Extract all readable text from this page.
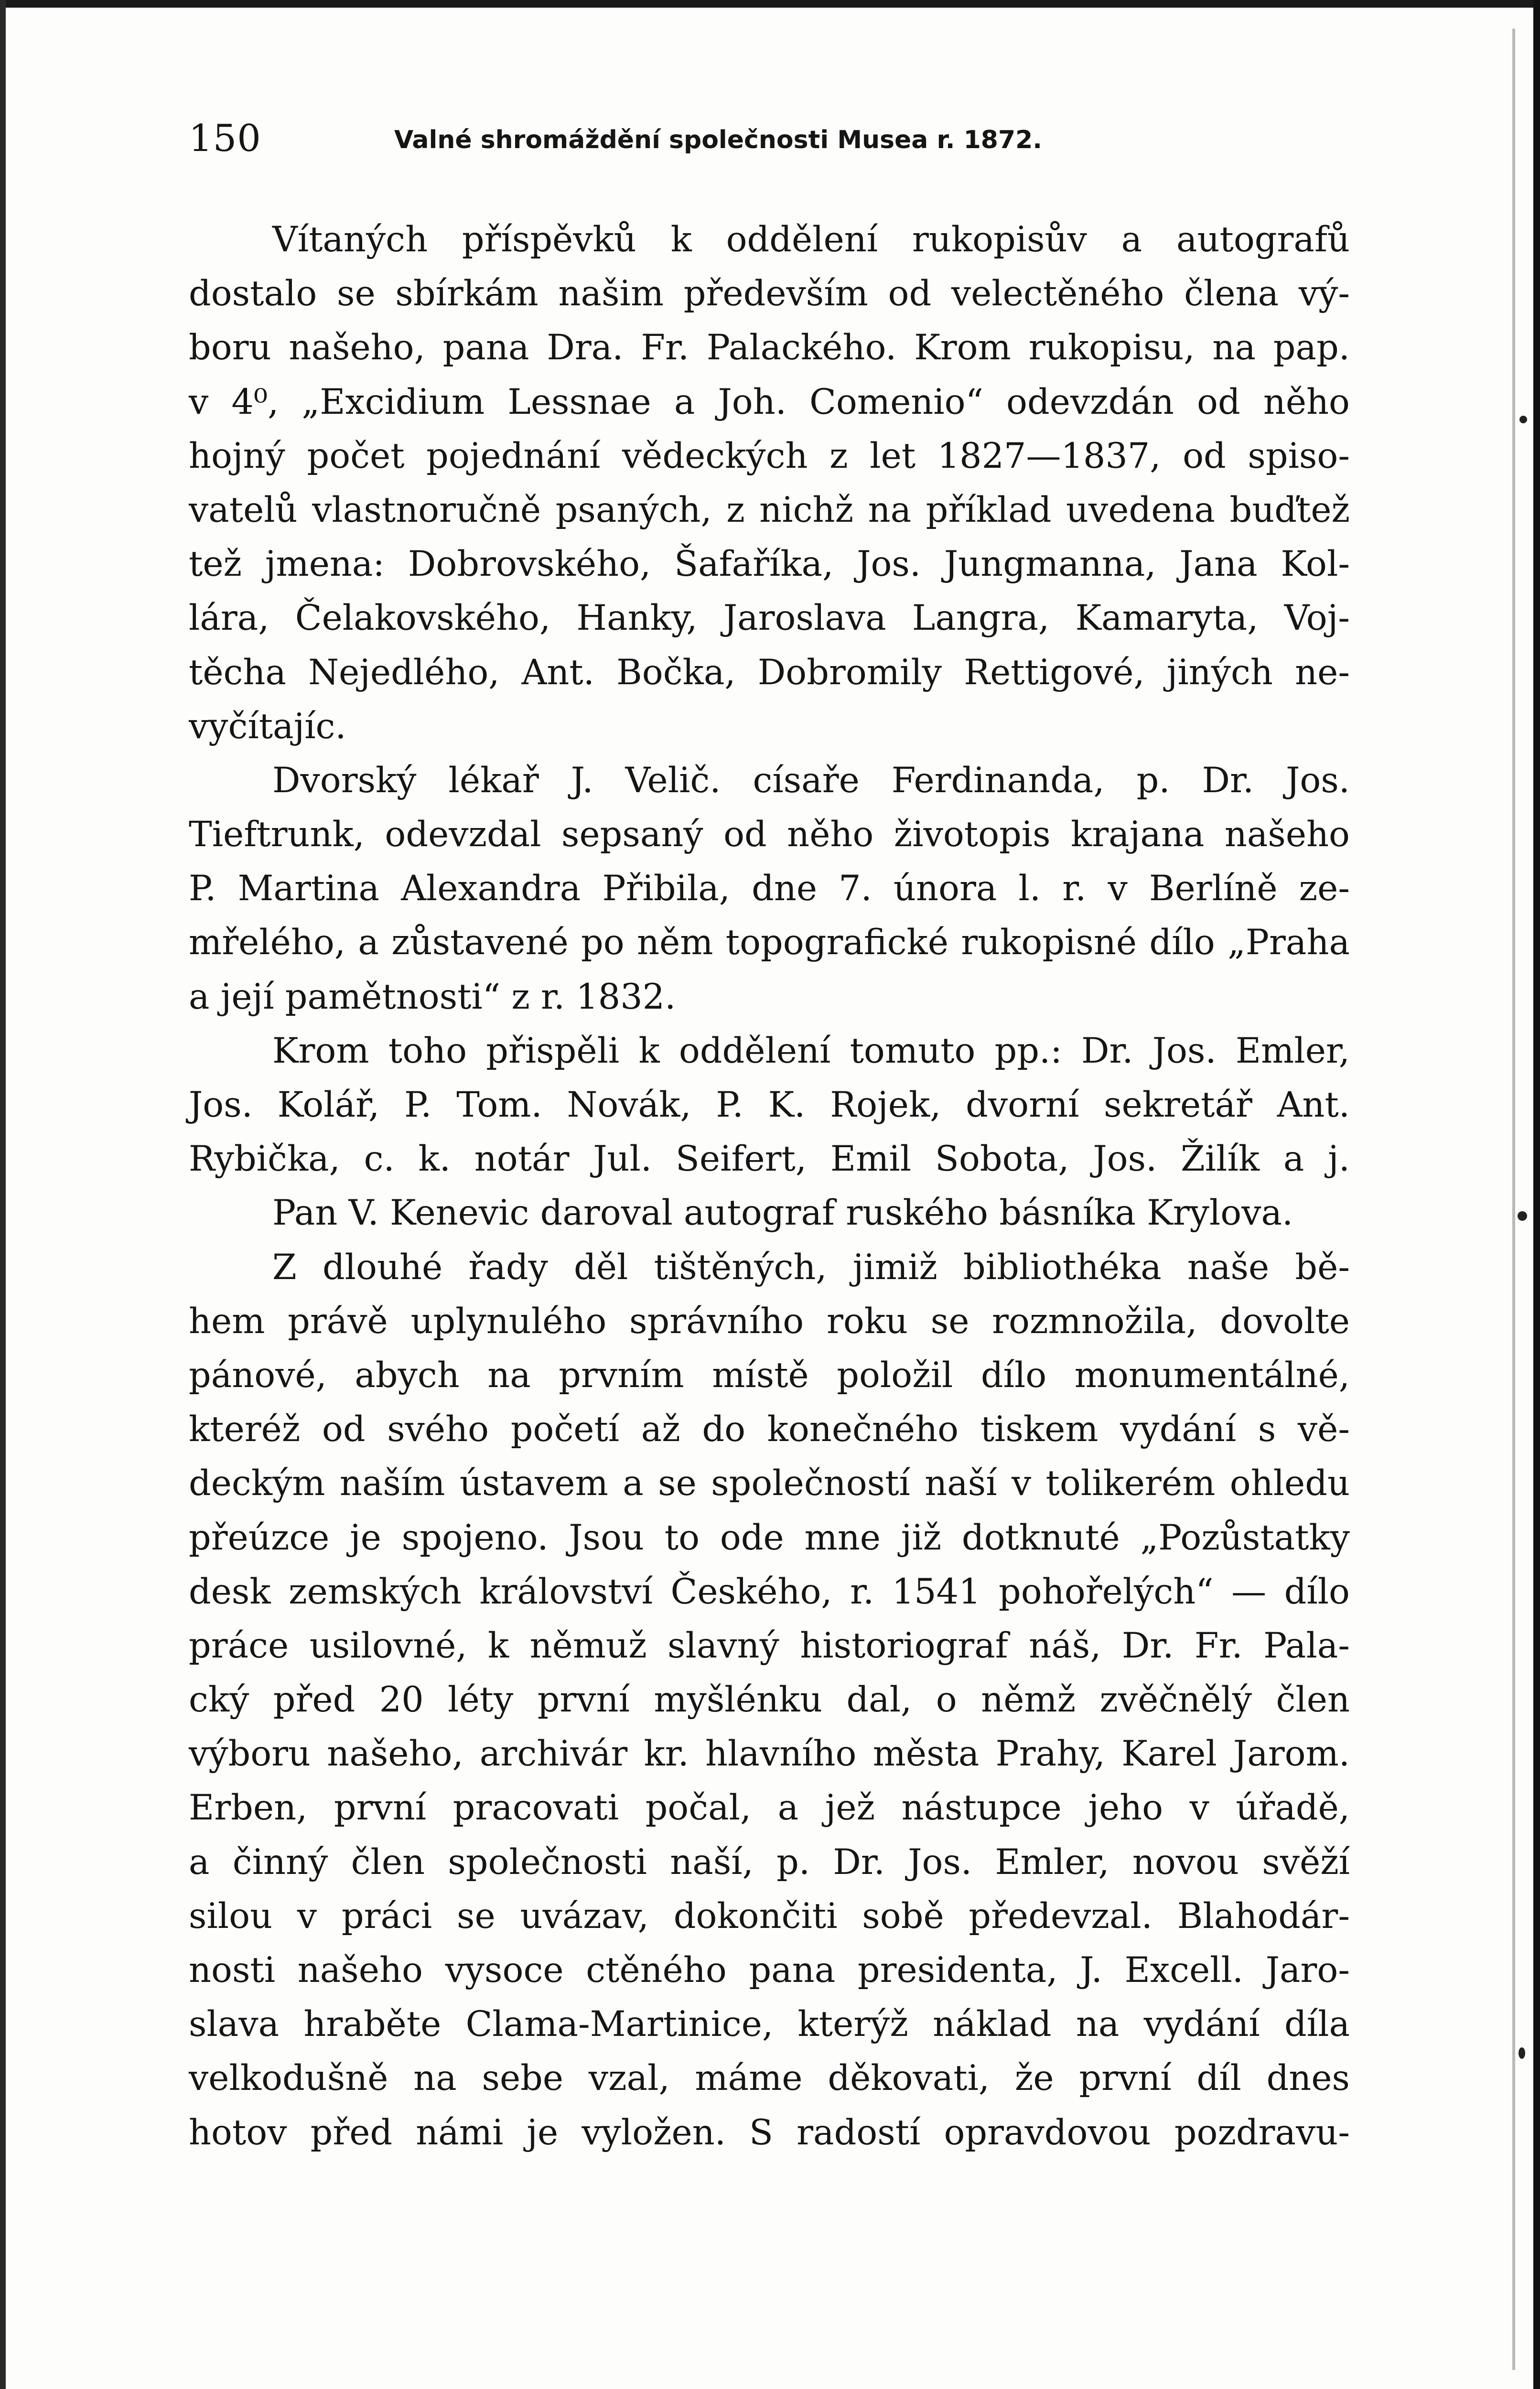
150	Valné shromáždění společnosti Musea r. 1872.
Vítaných příspěvků k oddělení rukopisův a autografů
dostalo se sbírkám našim především od velectěného člena vý-
boru našeho, pana Dra. Fr. Palackého. Krom rukopisu, na pap.
v 4⁰, „Excidium Lessnae a Joh. Comenio“ odevzdán od něho
hojný počet pojednání vědeckých z let 1827—1837, od spiso-
vatelů vlastnoručně psaných, z nichž na příklad uvedena buďtež
tež jmena: Dobrovského, Šafaříka, Jos. Jungmanna, Jana Kol-
lára, Čelakovského, Hanky, Jaroslava Langra, Kamaryta, Voj-
těcha Nejedlého, Ant. Bočka, Dobromily Rettigové, jiných ne-
vyčítajíc.
Dvorský lékař J. Velič. císaře Ferdinanda, p. Dr. Jos.
Tieftrunk, odevzdal sepsaný od něho životopis krajana našeho
P. Martina Alexandra Přibila, dne 7. února l. r. v Berlíně ze-
mřelého, a zůstavené po něm topografické rukopisné dílo „Praha
a její pamětnosti“ z r. 1832.
Krom toho přispěli k oddělení tomuto pp.: Dr. Jos. Emler,
Jos. Kolář, P. Tom. Novák, P. K. Rojek, dvorní sekretář Ant.
Rybička, c. k. notár Jul. Seifert, Emil Sobota, Jos. Žilík a j.
Pan V. Kenevic daroval autograf ruského básníka Krylova.
Z dlouhé řady děl tištěných, jimiž bibliothéka naše bě-
hem právě uplynulého správního roku se rozmnožila, dovolte
pánové, abych na prvním místě položil dílo monumentálné,
kteréž od svého početí až do konečného tiskem vydání s vě-
deckým naším ústavem a se společností naší v tolikerém ohledu
přeúzce je spojeno. Jsou to ode mne již dotknuté „Pozůstatky
desk zemských království Českého, r. 1541 pohořelých“ — dílo
práce usilovné, k němuž slavný historiograf náš, Dr. Fr. Pala-
cký před 20 léty první myšlénku dal, o němž zvěčnělý člen
výboru našeho, archivár kr. hlavního města Prahy, Karel Jarom.
Erben, první pracovati počal, a jež nástupce jeho v úřadě,
a činný člen společnosti naší, p. Dr. Jos. Emler, novou svěží
silou v práci se uvázav, dokončiti sobě předevzal. Blahodár-
nosti našeho vysoce ctěného pana presidenta, J. Excell. Jaro-
slava hraběte Clama-Martinice, kterýž náklad na vydání díla
velkodušně na sebe vzal, máme děkovati, že první díl dnes
hotov před námi je vyložen. S radostí opravdovou pozdravu-
